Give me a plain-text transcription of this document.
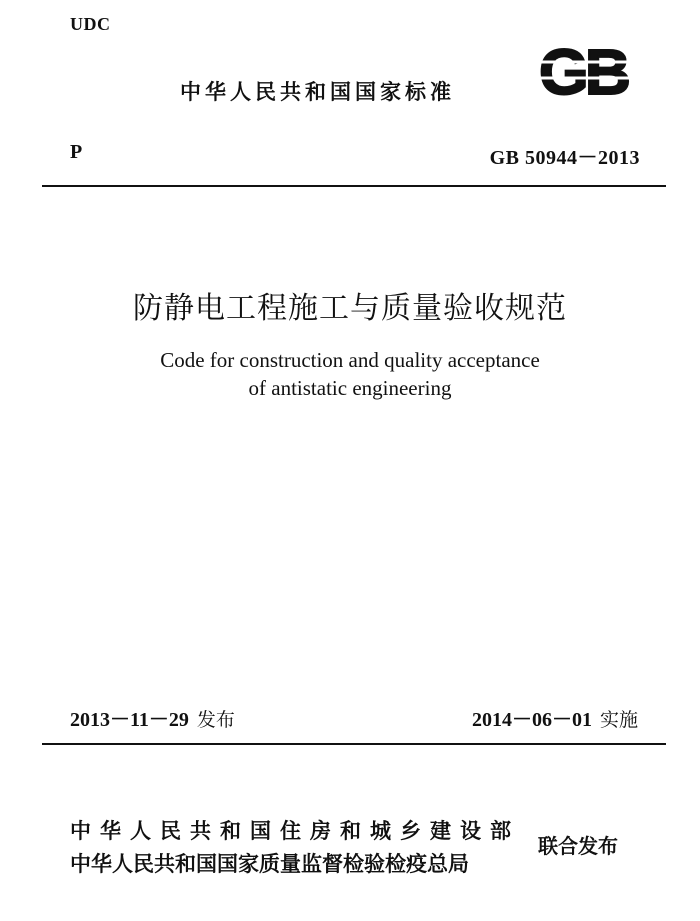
UDC
中华人民共和国国家标准 GB
P	GB 50944－2013
防静电工程施工与质量验收规范
Code for construction and quality acceptance
of antistatic engineering
2013－11－29 发布	2014－06－01 实施
中华人民共和国住房和城乡建设部
中华人民共和国国家质量监督检验检疫总局
联合发布
